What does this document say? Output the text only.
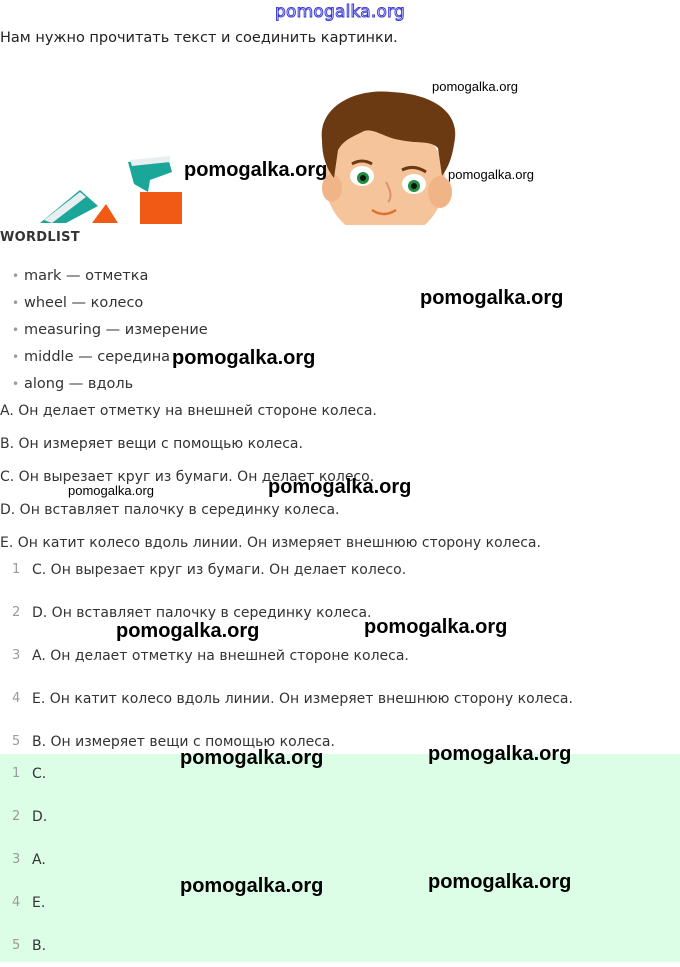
pomogalka.org
Нам нужно прочитать текст и соединить картинки.
WORDLIST
• mark — отметка
• wheel — колесо
• measuring — измерение
• middle — середина
• along — вдоль
A. Он делает отметку на внешней стороне колеса.
B. Он измеряет вещи с помощью колеса.
C. Он вырезает круг из бумаги. Он делает колесо.
D. Он вставляет палочку в серединку колеса.
E. Он катит колесо вдоль линии. Он измеряет внешнюю сторону колеса.
1 C. Он вырезает круг из бумаги. Он делает колесо.
2 D. Он вставляет палочку в серединку колеса.
3 A. Он делает отметку на внешней стороне колеса.
4 E. Он катит колесо вдоль линии. Он измеряет внешнюю сторону колеса.
5 B. Он измеряет вещи с помощью колеса.
1 C.
2 D.
3 A.
4 E.
5 B.
pomogalka.org
pomogalka.org	pomogalka.org
pomogalka.org
pomogalka.org
pomogalka.org	pomogalka.org
pomogalka.org	pomogalka.org
pomogalka.org	pomogalka.org
pomogalka.org	pomogalka.org
